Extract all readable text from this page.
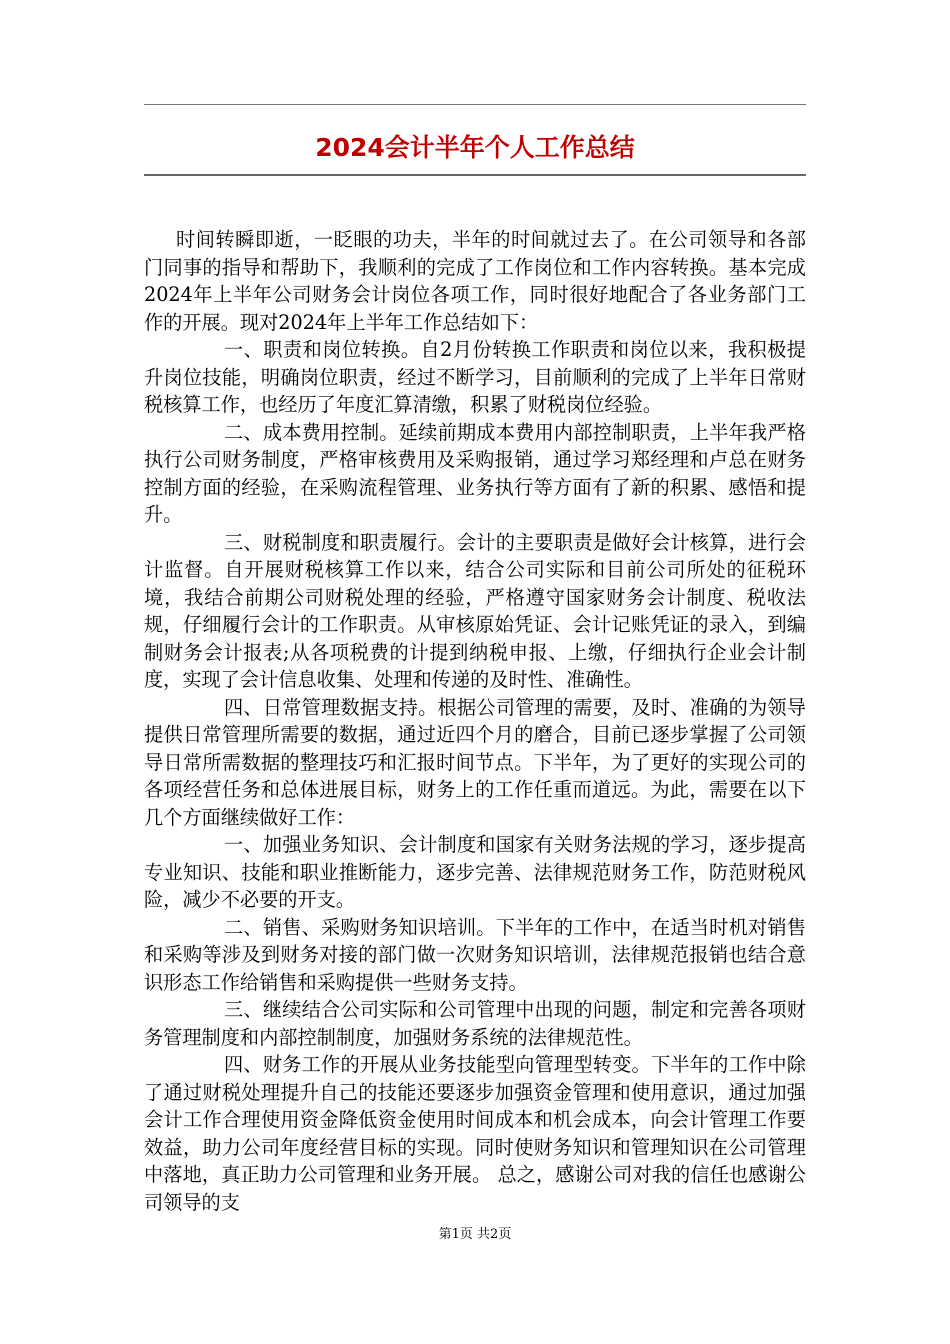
2024会计半年个人工作总结

时间转瞬即逝，一眨眼的功夫，半年的时间就过去了。在公司领导和各部门同事的指导和帮助下，我顺利的完成了工作岗位和工作内容转换。基本完成2024年上半年公司财务会计岗位各项工作，同时很好地配合了各业务部门工作的开展。现对2024年上半年工作总结如下：

一、职责和岗位转换。自2月份转换工作职责和岗位以来，我积极提升岗位技能，明确岗位职责，经过不断学习，目前顺利的完成了上半年日常财税核算工作，也经历了年度汇算清缴，积累了财税岗位经验。

二、成本费用控制。延续前期成本费用内部控制职责，上半年我严格执行公司财务制度，严格审核费用及采购报销，通过学习郑经理和卢总在财务控制方面的经验，在采购流程管理、业务执行等方面有了新的积累、感悟和提升。

三、财税制度和职责履行。会计的主要职责是做好会计核算，进行会计监督。自开展财税核算工作以来，结合公司实际和目前公司所处的征税环境，我结合前期公司财税处理的经验，严格遵守国家财务会计制度、税收法规，仔细履行会计的工作职责。从审核原始凭证、会计记账凭证的录入，到编制财务会计报表;从各项税费的计提到纳税申报、上缴，仔细执行企业会计制度，实现了会计信息收集、处理和传递的及时性、准确性。

四、日常管理数据支持。根据公司管理的需要，及时、准确的为领导提供日常管理所需要的数据，通过近四个月的磨合，目前已逐步掌握了公司领导日常所需数据的整理技巧和汇报时间节点。下半年，为了更好的实现公司的各项经营任务和总体进展目标，财务上的工作任重而道远。为此，需要在以下几个方面继续做好工作：

一、加强业务知识、会计制度和国家有关财务法规的学习，逐步提高专业知识、技能和职业推断能力，逐步完善、法律规范财务工作，防范财税风险，减少不必要的开支。

二、销售、采购财务知识培训。下半年的工作中，在适当时机对销售和采购等涉及到财务对接的部门做一次财务知识培训，法律规范报销也结合意识形态工作给销售和采购提供一些财务支持。

三、继续结合公司实际和公司管理中出现的问题，制定和完善各项财务管理制度和内部控制制度，加强财务系统的法律规范性。

四、财务工作的开展从业务技能型向管理型转变。下半年的工作中除了通过财税处理提升自己的技能还要逐步加强资金管理和使用意识，通过加强会计工作合理使用资金降低资金使用时间成本和机会成本，向会计管理工作要效益，助力公司年度经营目标的实现。同时使财务知识和管理知识在公司管理中落地，真正助力公司管理和业务开展。 总之，感谢公司对我的信任也感谢公司领导的支

第1页 共2页
